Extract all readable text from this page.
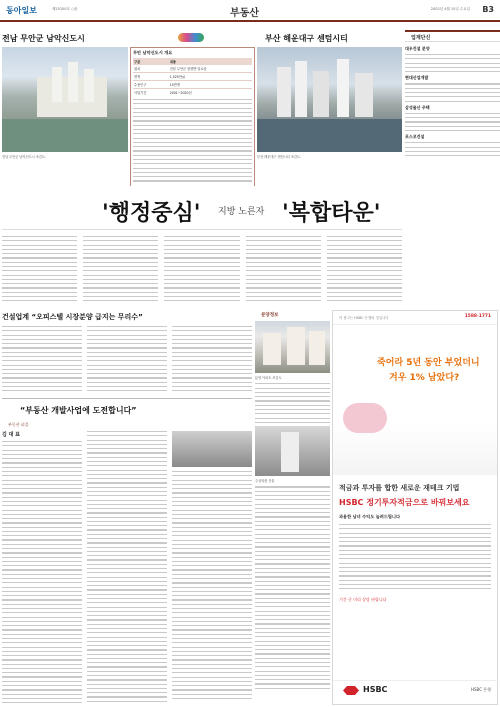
동아일보	제25100호 ○판	부동산	2002년 4월 10일 수요일 B3
전남 무안군 남악신도시
전남 무안군 남악신도시 조감도.
무안 남악신도시 개요
구분	내용
위치	전남 무안군 삼향면·일로읍
면적	1,525만㎡
수용인구	15만명
사업기간	2001~2020년
부산 해운대구 센텀시티
부산 해운대구 센텀시티 조감도.
'행정중심' 지방 노른자 '복합타운'
업계단신
대우건설 분양
현대산업개발
삼성물산 주택
포스코건설
건설업계 “오피스텔 시장분양 급지는 무리수”
“부동산 개발사업에 도전합니다”
부동산 피플
김 대 표
분양정보
분양 아파트 조감도
주상복합 건물
이 광고는 HSBC 은행의 것입니다	1588-1771
죽어라 5년 동안 부었더니
겨우 1% 남았다?
적금과 투자를 합한 새로운 재테크 기법
HSBC 정기투자적금으로 바꿔보세요
과용한 남녀 수익도 늘려드립니다
기간 중 미리 상담 바랍니다
HSBC	HSBC 은행
